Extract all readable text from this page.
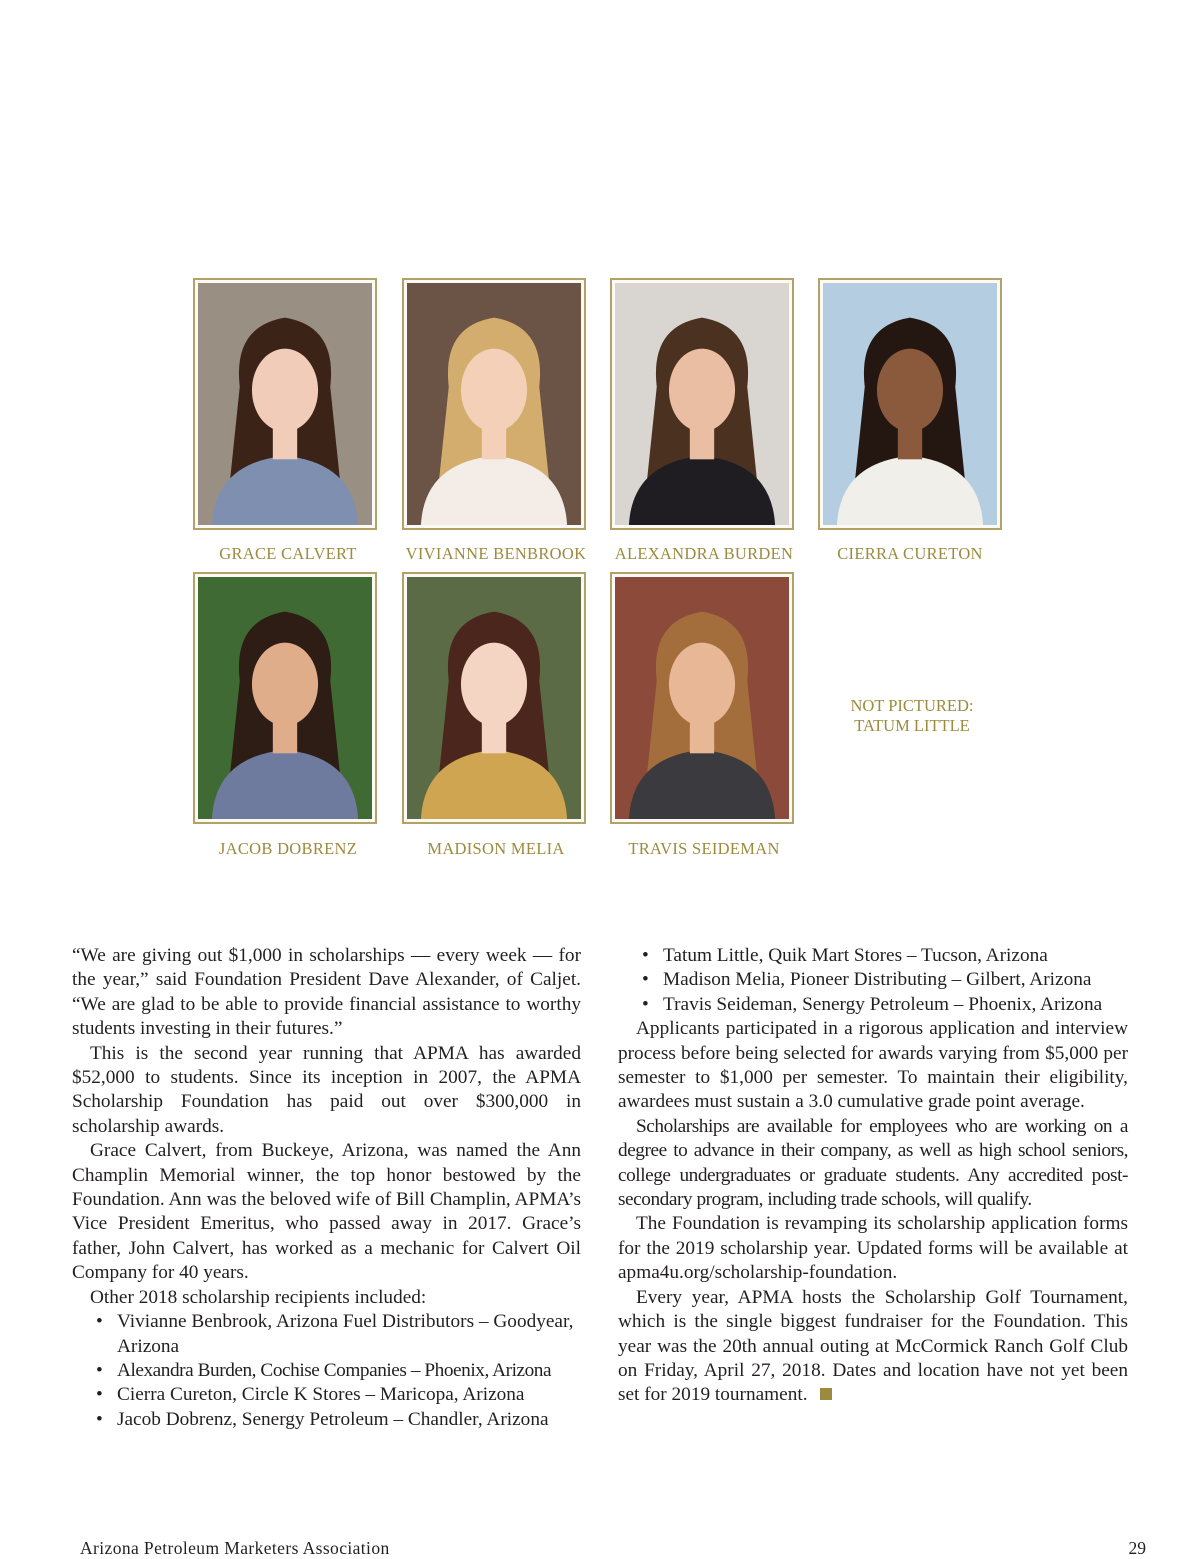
GRACE CALVERT	VIVIANNE BENBROOK	ALEXANDRA BURDEN	CIERRA CURETON
JACOB DOBRENZ	MADISON MELIA	TRAVIS SEIDEMAN
NOT PICTURED:
TATUM LITTLE

“We are giving out $1,000 in scholarships — every week — for the year,” said Foundation President Dave Alexander, of Caljet. “We are glad to be able to provide financial assistance to worthy students investing in their futures.”

This is the second year running that APMA has awarded $52,000 to students. Since its inception in 2007, the APMA Scholarship Foundation has paid out over $300,000 in scholarship awards.

Grace Calvert, from Buckeye, Arizona, was named the Ann Champlin Memorial winner, the top honor bestowed by the Foundation. Ann was the beloved wife of Bill Champlin, APMA’s Vice President Emeritus, who passed away in 2017. Grace’s father, John Calvert, has worked as a mechanic for Calvert Oil Company for 40 years.

Other 2018 scholarship recipients included:

• Vivianne Benbrook, Arizona Fuel Distributors – Goodyear, Arizona
• Alexandra Burden, Cochise Companies – Phoenix, Arizona
• Cierra Cureton, Circle K Stores – Maricopa, Arizona
• Jacob Dobrenz, Senergy Petroleum – Chandler, Arizona
• Tatum Little, Quik Mart Stores – Tucson, Arizona
• Madison Melia, Pioneer Distributing – Gilbert, Arizona
• Travis Seideman, Senergy Petroleum – Phoenix, Arizona

Applicants participated in a rigorous application and interview process before being selected for awards varying from $5,000 per semester to $1,000 per semester. To maintain their eligibility, awardees must sustain a 3.0 cumulative grade point average.

Scholarships are available for employees who are working on a degree to advance in their company, as well as high school seniors, college undergraduates or graduate students. Any accredited post-secondary program, including trade schools, will qualify.

The Foundation is revamping its scholarship application forms for the 2019 scholarship year. Updated forms will be available at apma4u.org/scholarship-foundation.

Every year, APMA hosts the Scholarship Golf Tournament, which is the single biggest fundraiser for the Foundation. This year was the 20th annual outing at McCormick Ranch Golf Club on Friday, April 27, 2018. Dates and location have not yet been set for 2019 tournament.

Arizona Petroleum Marketers Association	29
